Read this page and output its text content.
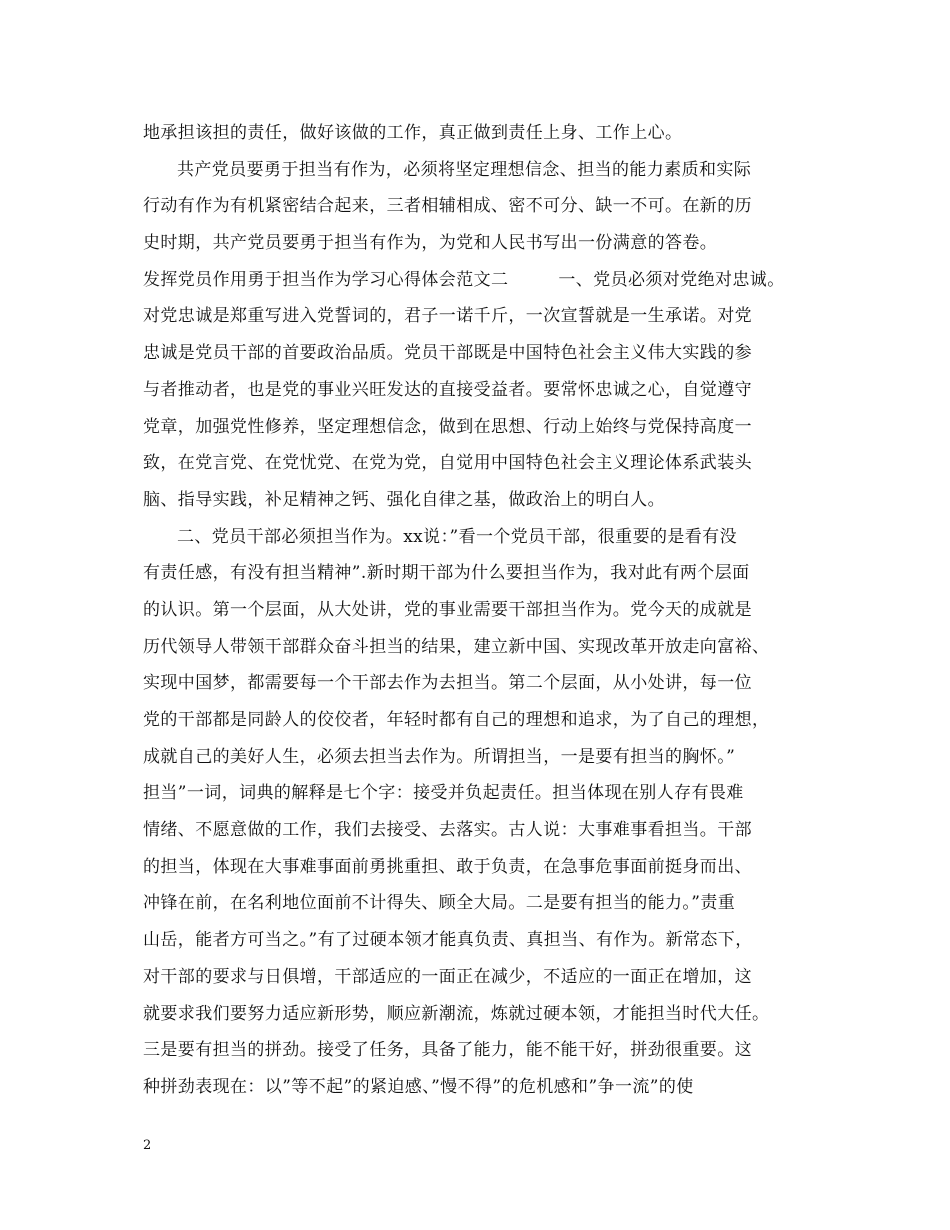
地承担该担的责任，做好该做的工作，真正做到责任上身、工作上心。
共产党员要勇于担当有作为，必须将坚定理想信念、担当的能力素质和实际
行动有作为有机紧密结合起来，三者相辅相成、密不可分、缺一不可。在新的历
史时期，共产党员要勇于担当有作为，为党和人民书写出一份满意的答卷。
发挥党员作用勇于担当作为学习心得体会范文二	一、党员必须对党绝对忠诚。
对党忠诚是郑重写进入党誓词的，君子一诺千斤，一次宣誓就是一生承诺。对党
忠诚是党员干部的首要政治品质。党员干部既是中国特色社会主义伟大实践的参
与者推动者，也是党的事业兴旺发达的直接受益者。要常怀忠诚之心，自觉遵守
党章，加强党性修养，坚定理想信念，做到在思想、行动上始终与党保持高度一
致，在党言党、在党忧党、在党为党，自觉用中国特色社会主义理论体系武装头
脑、指导实践，补足精神之钙、强化自律之基，做政治上的明白人。
二、党员干部必须担当作为。xx说：”看一个党员干部，很重要的是看有没
有责任感，有没有担当精神”.新时期干部为什么要担当作为，我对此有两个层面
的认识。第一个层面，从大处讲，党的事业需要干部担当作为。党今天的成就是
历代领导人带领干部群众奋斗担当的结果，建立新中国、实现改革开放走向富裕、
实现中国梦，都需要每一个干部去作为去担当。第二个层面，从小处讲，每一位
党的干部都是同龄人的佼佼者，年轻时都有自己的理想和追求，为了自己的理想，
成就自己的美好人生，必须去担当去作为。所谓担当，一是要有担当的胸怀。”
担当”一词，词典的解释是七个字：接受并负起责任。担当体现在别人存有畏难
情绪、不愿意做的工作，我们去接受、去落实。古人说：大事难事看担当。干部
的担当，体现在大事难事面前勇挑重担、敢于负责，在急事危事面前挺身而出、
冲锋在前，在名利地位面前不计得失、顾全大局。二是要有担当的能力。”责重
山岳，能者方可当之。”有了过硬本领才能真负责、真担当、有作为。新常态下，
对干部的要求与日俱增，干部适应的一面正在减少，不适应的一面正在增加，这
就要求我们要努力适应新形势，顺应新潮流，炼就过硬本领，才能担当时代大任。
三是要有担当的拼劲。接受了任务，具备了能力，能不能干好，拼劲很重要。这
种拼劲表现在：以”等不起”的紧迫感、”慢不得”的危机感和”争一流”的使
2
